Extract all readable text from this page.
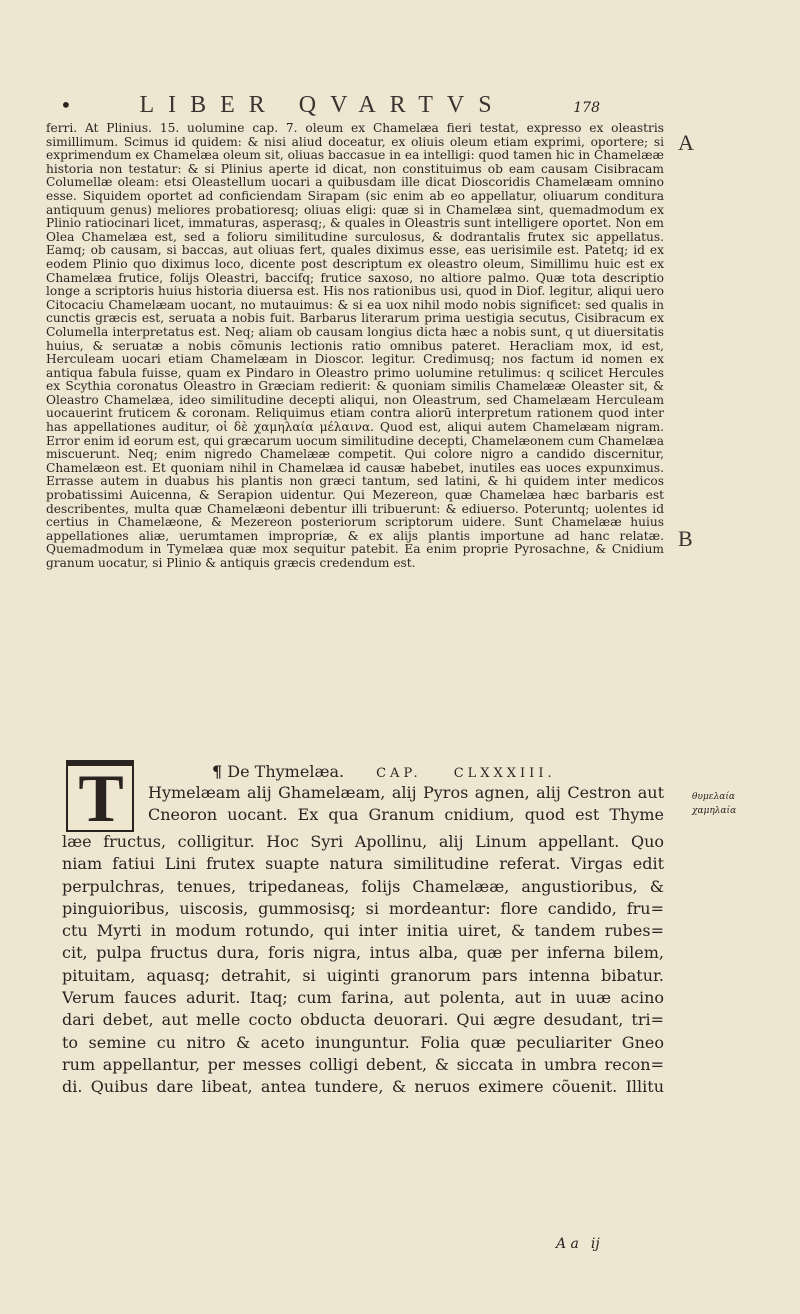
•	LIBER QVARTVS	178

ferri. At Plinius. 15. uolumine cap. 7. oleum ex Chamelæa fieri testat, expresso ex oleastris simillimum. Scimus id quidem: & nisi aliud doceatur, ex oliuis oleum etiam exprimi, oportere; si exprimendum ex Chamelæa oleum sit, oliuas baccasue in ea intelligi: quod tamen hic in Chamelææ historia non testatur: & si Plinius aperte id dicat, non constituimus ob eam causam Cisibracam Columellæ oleam: etsi Oleastellum uocari a quibusdam ille dicat Dioscoridis Chamelæam omnino esse. Siquidem oportet ad conficiendam Sirapam (sic enim ab eo appellatur, oliuarum conditura antiquum genus) meliores probatioresq; oliuas eligi: quæ si in Chamelæa sint, quemadmodum ex Plinio ratiocinari licet, immaturas, asperasq;, & quales in Oleastris sunt intelligere oportet. Non em Olea Chamelæa est, sed a folioru similitudine surculosus, & dodrantalis frutex sic appellatus. Eamq; ob causam, si baccas, aut oliuas fert, quales diximus esse, eas uerisimile est. Patetq; id ex eodem Plinio quo diximus loco, dicente post descriptum ex oleastro oleum, Simillimu huic est ex Chamelæa frutice, folijs Oleastri, baccifq; frutice saxoso, no altiore palmo. Quæ tota descriptio longe a scriptoris huius historia diuersa est. His nos rationibus usi, quod in Diof. legitur, aliqui uero Citocaciu Chamelæam uocant, no mutauimus: & si ea uox nihil modo nobis significet: sed qualis in cunctis græcis est, seruata a nobis fuit. Barbarus literarum prima uestigia secutus, Cisibracum ex Columella interpretatus est. Neq; aliam ob causam longius dicta hæc a nobis sunt, q ut diuersitatis huius, & seruatæ a nobis cõmunis lectionis ratio omnibus pateret. Heracliam mox, id est, Herculeam uocari etiam Chamelæam in Dioscor. legitur. Credimusq; nos factum id nomen ex antiqua fabula fuisse, quam ex Pindaro in Oleastro primo uolumine retulimus: q scilicet Hercules ex Scythia coronatus Oleastro in Græciam redierit: & quoniam similis Chamelææ Oleaster sit, & Oleastro Chamelæa, ideo similitudine decepti aliqui, non Oleastrum, sed Chamelæam Herculeam uocauerint fruticem & coronam. Reliquimus etiam contra aliorū interpretum rationem quod inter has appellationes auditur, οἱ δὲ χαμηλαία μέλαινα. Quod est, aliqui autem Chamelæam nigram. Error enim id eorum est, qui græcarum uocum similitudine decepti, Chamelæonem cum Chamelæa miscuerunt. Neq; enim nigredo Chamelææ competit. Qui colore nigro a candido discernitur, Chamelæon est. Et quoniam nihil in Chamelæa id causæ habebet, inutiles eas uoces expunximus. Errasse autem in duabus his plantis non græci tantum, sed latini, & hi quidem inter medicos probatissimi Auicenna, & Serapion uidentur. Qui Mezereon, quæ Chamelæa hæc barbaris est describentes, multa quæ Chamelæoni debentur illi tribuerunt: & ediuerso. Poteruntq; uolentes id certius in Chamelæone, & Mezereon posteriorum scriptorum uidere. Sunt Chamelææ huius appellationes aliæ, uerumtamen impropriæ, & ex alijs plantis importune ad hanc relatæ. Quemadmodum in Tymelæa quæ mox sequitur patebit. Ea enim proprie Pyrosachne, & Cnidium granum uocatur, si Plinio & antiquis græcis credendum est.

A
B
θυμελαία
χαμηλαία
T	¶ De Thymelæa. CAP. CLXXXIII.
Hymelæam alij Ghamelæam, alij Pyros agnen, alij Cestron aut
Cneoron uocant. Ex qua Granum cnidium, quod est Thyme
læe fructus, colligitur. Hoc Syri Apollinu, alij Linum appellant. Quo
niam fatiui Lini frutex suapte natura similitudine referat. Virgas edit
perpulchras, tenues, tripedaneas, folijs Chamelææ, angustioribus, &
pinguioribus, uiscosis, gummosisq; si mordeantur: flore candido, fru=
ctu Myrti in modum rotundo, qui inter initia uiret, & tandem rubes=
cit, pulpa fructus dura, foris nigra, intus alba, quæ per inferna bilem,
pituitam, aquasq; detrahit, si uiginti granorum pars intenna bibatur.
Verum fauces adurit. Itaq; cum farina, aut polenta, aut in uuæ acino
dari debet, aut melle cocto obducta deuorari. Qui ægre desudant, tri=
to semine cu nitro & aceto inunguntur. Folia quæ peculiariter Gneo
rum appellantur, per messes colligi debent, & siccata in umbra recon=
di. Quibus dare libeat, antea tundere, & neruos eximere cõuenit. Illitu
A a ij
